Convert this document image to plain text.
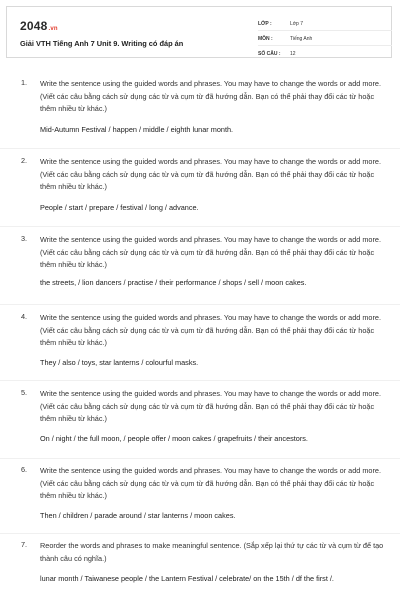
2048.vn
Giải VTH Tiếng Anh 7 Unit 9. Writing có đáp án
LỚP :	Lớp 7
MÔN :	Tiếng Anh
SỐ CÂU :	12
1. Write the sentence using the guided words and phrases. You may have to change the words or add more. (Viết các câu bằng cách sử dụng các từ và cụm từ đã hướng dẫn. Bạn có thể phải thay đổi các từ hoặc thêm nhiều từ khác.)
Mid-Autumn Festival / happen / middle / eighth lunar month.
2. Write the sentence using the guided words and phrases. You may have to change the words or add more. (Viết các câu bằng cách sử dụng các từ và cụm từ đã hướng dẫn. Bạn có thể phải thay đổi các từ hoặc thêm nhiều từ khác.)
People / start / prepare / festival / long / advance.
3. Write the sentence using the guided words and phrases. You may have to change the words or add more. (Viết các câu bằng cách sử dụng các từ và cụm từ đã hướng dẫn. Bạn có thể phải thay đổi các từ hoặc thêm nhiều từ khác.)
the streets, / lion dancers / practise / their performance / shops / sell / moon cakes.
4. Write the sentence using the guided words and phrases. You may have to change the words or add more. (Viết các câu bằng cách sử dụng các từ và cụm từ đã hướng dẫn. Bạn có thể phải thay đổi các từ hoặc thêm nhiều từ khác.)
They / also / toys, star lanterns / colourful masks.
5. Write the sentence using the guided words and phrases. You may have to change the words or add more. (Viết các câu bằng cách sử dụng các từ và cụm từ đã hướng dẫn. Bạn có thể phải thay đổi các từ hoặc thêm nhiều từ khác.)
On / night / the full moon, / people offer / moon cakes / grapefruits / their ancestors.
6. Write the sentence using the guided words and phrases. You may have to change the words or add more. (Viết các câu bằng cách sử dụng các từ và cụm từ đã hướng dẫn. Bạn có thể phải thay đổi các từ hoặc thêm nhiều từ khác.)
Then / children / parade around / star lanterns / moon cakes.
7. Reorder the words and phrases to make meaningful sentence. (Sắp xếp lại thứ tự các từ và cụm từ để tạo thành câu có nghĩa.)
lunar month / Taiwanese people / the Lantern Festival / celebrate/ on the 15th / df the first /.
